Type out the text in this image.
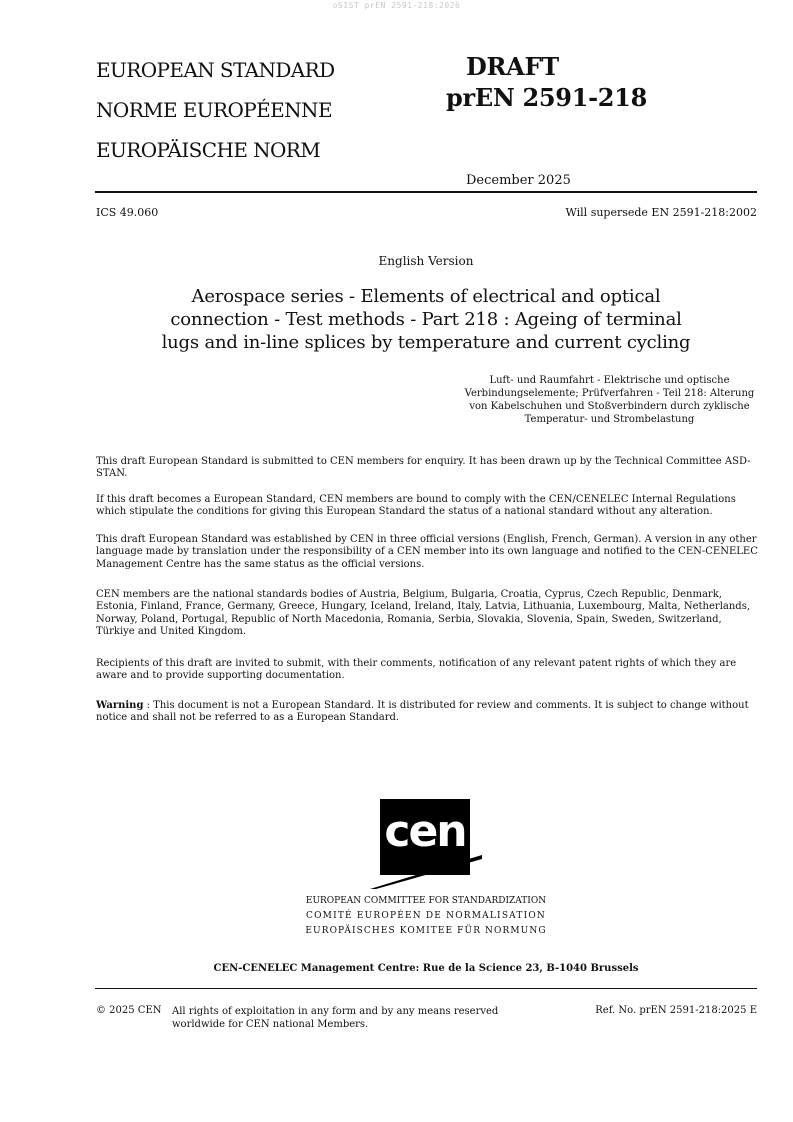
oSIST prEN 2591-218:2026
EUROPEAN STANDARD
NORME EUROPÉENNE
EUROPÄISCHE NORM
DRAFT
prEN 2591-218
December 2025
ICS 49.060	Will supersede EN 2591-218:2002
English Version
Aerospace series - Elements of electrical and optical connection - Test methods - Part 218 : Ageing of terminal lugs and in-line splices by temperature and current cycling
Luft- und Raumfahrt - Elektrische und optische Verbindungselemente; Prüfverfahren - Teil 218: Alterung von Kabelschuhen und Stoßverbindern durch zyklische Temperatur- und Strombelastung
This draft European Standard is submitted to CEN members for enquiry. It has been drawn up by the Technical Committee ASD-STAN.
If this draft becomes a European Standard, CEN members are bound to comply with the CEN/CENELEC Internal Regulations which stipulate the conditions for giving this European Standard the status of a national standard without any alteration.
This draft European Standard was established by CEN in three official versions (English, French, German). A version in any other language made by translation under the responsibility of a CEN member into its own language and notified to the CEN-CENELEC Management Centre has the same status as the official versions.
CEN members are the national standards bodies of Austria, Belgium, Bulgaria, Croatia, Cyprus, Czech Republic, Denmark, Estonia, Finland, France, Germany, Greece, Hungary, Iceland, Ireland, Italy, Latvia, Lithuania, Luxembourg, Malta, Netherlands, Norway, Poland, Portugal, Republic of North Macedonia, Romania, Serbia, Slovakia, Slovenia, Spain, Sweden, Switzerland, Türkiye and United Kingdom.
Recipients of this draft are invited to submit, with their comments, notification of any relevant patent rights of which they are aware and to provide supporting documentation.
Warning : This document is not a European Standard. It is distributed for review and comments. It is subject to change without notice and shall not be referred to as a European Standard.
cen
EUROPEAN COMMITTEE FOR STANDARDIZATION
COMITÉ EUROPÉEN DE NORMALISATION
EUROPÄISCHES KOMITEE FÜR NORMUNG
CEN-CENELEC Management Centre: Rue de la Science 23, B-1040 Brussels
© 2025 CEN All rights of exploitation in any form and by any means reserved
worldwide for CEN national Members.
Ref. No. prEN 2591-218:2025 E
